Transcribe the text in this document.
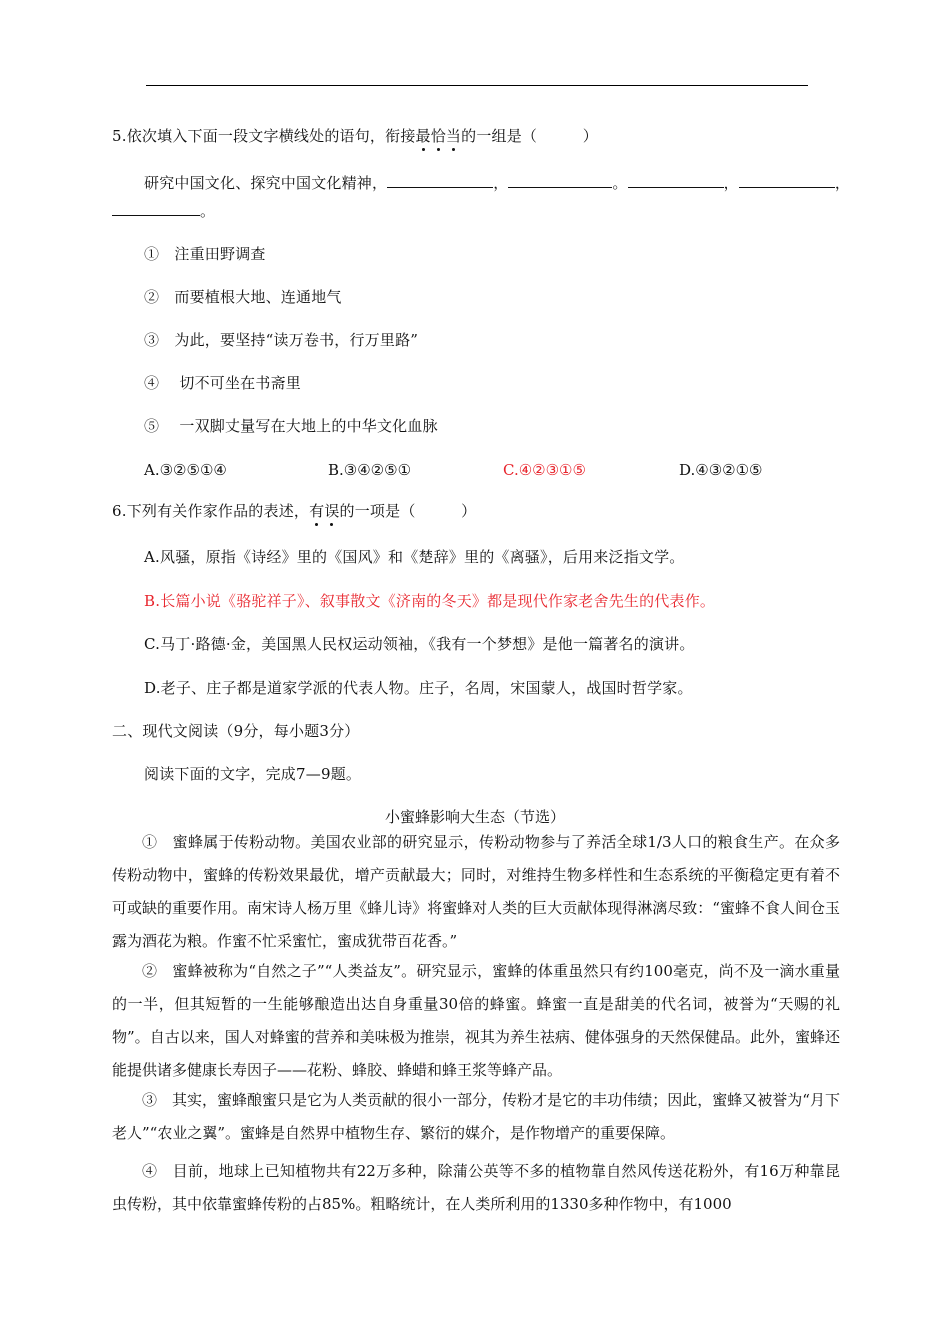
5.依次填入下面一段文字横线处的语句，衔接最恰当的一组是（　　　）
研究中国文化、探究中国文化精神，	，	。	，	，
。
①　注重田野调查
②　而要植根大地、连通地气
③　为此，要坚持“读万卷书，行万里路”
④　 切不可坐在书斋里
⑤　 一双脚丈量写在大地上的中华文化血脉
A.③②⑤①④	B.③④②⑤①	C.④②③①⑤	D.④③②①⑤
6.下列有关作家作品的表述，有误的一项是（　　　）
A.风骚，原指《诗经》里的《国风》和《楚辞》里的《离骚》，后用来泛指文学。
B.长篇小说《骆驼祥子》、叙事散文《济南的冬天》都是现代作家老舍先生的代表作。
C.马丁·路德·金，美国黑人民权运动领袖，《我有一个梦想》是他一篇著名的演讲。
D.老子、庄子都是道家学派的代表人物。庄子，名周，宋国蒙人，战国时哲学家。
二、现代文阅读（9分，每小题3分）
阅读下面的文字，完成7—9题。
小蜜蜂影响大生态（节选）
①　蜜蜂属于传粉动物。美国农业部的研究显示，传粉动物参与了养活全球1/3人口的粮食生产。在众多传粉动物中，蜜蜂的传粉效果最优，增产贡献最大；同时，对维持生物多样性和生态系统的平衡稳定更有着不可或缺的重要作用。南宋诗人杨万里《蜂儿诗》将蜜蜂对人类的巨大贡献体现得淋漓尽致：“蜜蜂不食人间仓玉露为酒花为粮。作蜜不忙采蜜忙，蜜成犹带百花香。”
②　蜜蜂被称为“自然之子”“人类益友”。研究显示，蜜蜂的体重虽然只有约100毫克，尚不及一滴水重量的一半，但其短暂的一生能够酿造出达自身重量30倍的蜂蜜。蜂蜜一直是甜美的代名词，被誉为“天赐的礼物”。自古以来，国人对蜂蜜的营养和美味极为推崇，视其为养生祛病、健体强身的天然保健品。此外，蜜蜂还能提供诸多健康长寿因子——花粉、蜂胶、蜂蜡和蜂王浆等蜂产品。
③　其实，蜜蜂酿蜜只是它为人类贡献的很小一部分，传粉才是它的丰功伟绩；因此，蜜蜂又被誉为“月下老人”“农业之翼”。蜜蜂是自然界中植物生存、繁衍的媒介，是作物增产的重要保障。
④　目前，地球上已知植物共有22万多种，除蒲公英等不多的植物靠自然风传送花粉外，有16万种靠昆虫传粉，其中依靠蜜蜂传粉的占85%。粗略统计，在人类所利用的1330多种作物中，有1000
